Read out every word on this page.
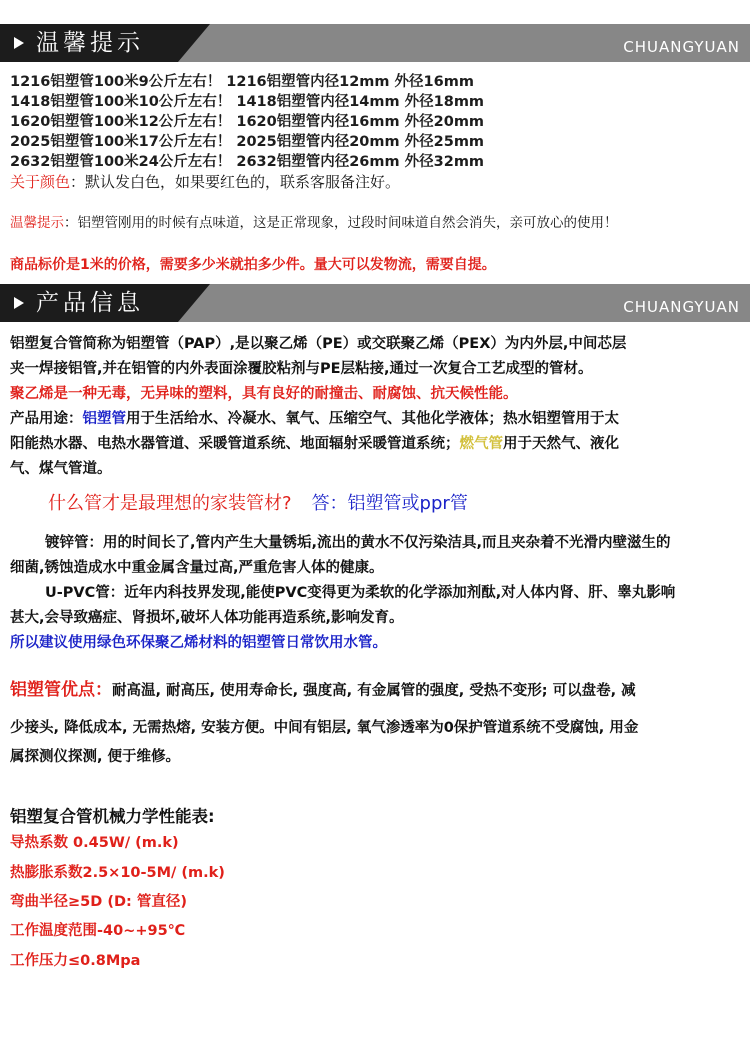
温馨提示	CHUANGYUAN
1216铝塑管100米9公斤左右！ 1216铝塑管内径12mm 外径16mm
1418铝塑管100米10公斤左右！ 1418铝塑管内径14mm 外径18mm
1620铝塑管100米12公斤左右！ 1620铝塑管内径16mm 外径20mm
2025铝塑管100米17公斤左右！ 2025铝塑管内径20mm 外径25mm
2632铝塑管100米24公斤左右！ 2632铝塑管内径26mm 外径32mm
关于颜色：默认发白色，如果要红色的，联系客服备注好。
温馨提示：铝塑管刚用的时候有点味道，这是正常现象，过段时间味道自然会消失，亲可放心的使用！
商品标价是1米的价格，需要多少米就拍多少件。量大可以发物流，需要自提。
产品信息	CHUANGYUAN
铝塑复合管简称为铝塑管（PAP）,是以聚乙烯（PE）或交联聚乙烯（PEX）为内外层,中间芯层
夹一焊接铝管,并在铝管的内外表面涂覆胶粘剂与PE层粘接,通过一次复合工艺成型的管材。
聚乙烯是一种无毒，无异味的塑料，具有良好的耐撞击、耐腐蚀、抗天候性能。
产品用途：铝塑管用于生活给水、冷凝水、氧气、压缩空气、其他化学液体；热水铝塑管用于太
阳能热水器、电热水器管道、采暖管道系统、地面辐射采暖管道系统；燃气管用于天然气、液化
气、煤气管道。
什么管才是最理想的家装管材? 答：铝塑管或ppr管
镀锌管：用的时间长了,管内产生大量锈垢,流出的黄水不仅污染洁具,而且夹杂着不光滑内壁滋生的
细菌,锈蚀造成水中重金属含量过高,严重危害人体的健康。
U-PVC管：近年内科技界发现,能使PVC变得更为柔软的化学添加剂酞,对人体内肾、肝、睾丸影响
甚大,会导致癌症、肾损坏,破坏人体功能再造系统,影响发育。
所以建议使用绿色环保聚乙烯材料的铝塑管日常饮用水管。
铝塑管优点：耐高温, 耐高压, 使用寿命长, 强度高, 有金属管的强度, 受热不变形; 可以盘卷, 减
少接头, 降低成本, 无需热熔, 安装方便。中间有铝层, 氧气渗透率为0保护管道系统不受腐蚀, 用金
属探测仪探测, 便于维修。
铝塑复合管机械力学性能表:
导热系数 0.45W/ (m.k)
热膨胀系数2.5×10-5M/ (m.k)
弯曲半径≥5D (D: 管直径)
工作温度范围-40~+95℃
工作压力≤0.8Mpa
